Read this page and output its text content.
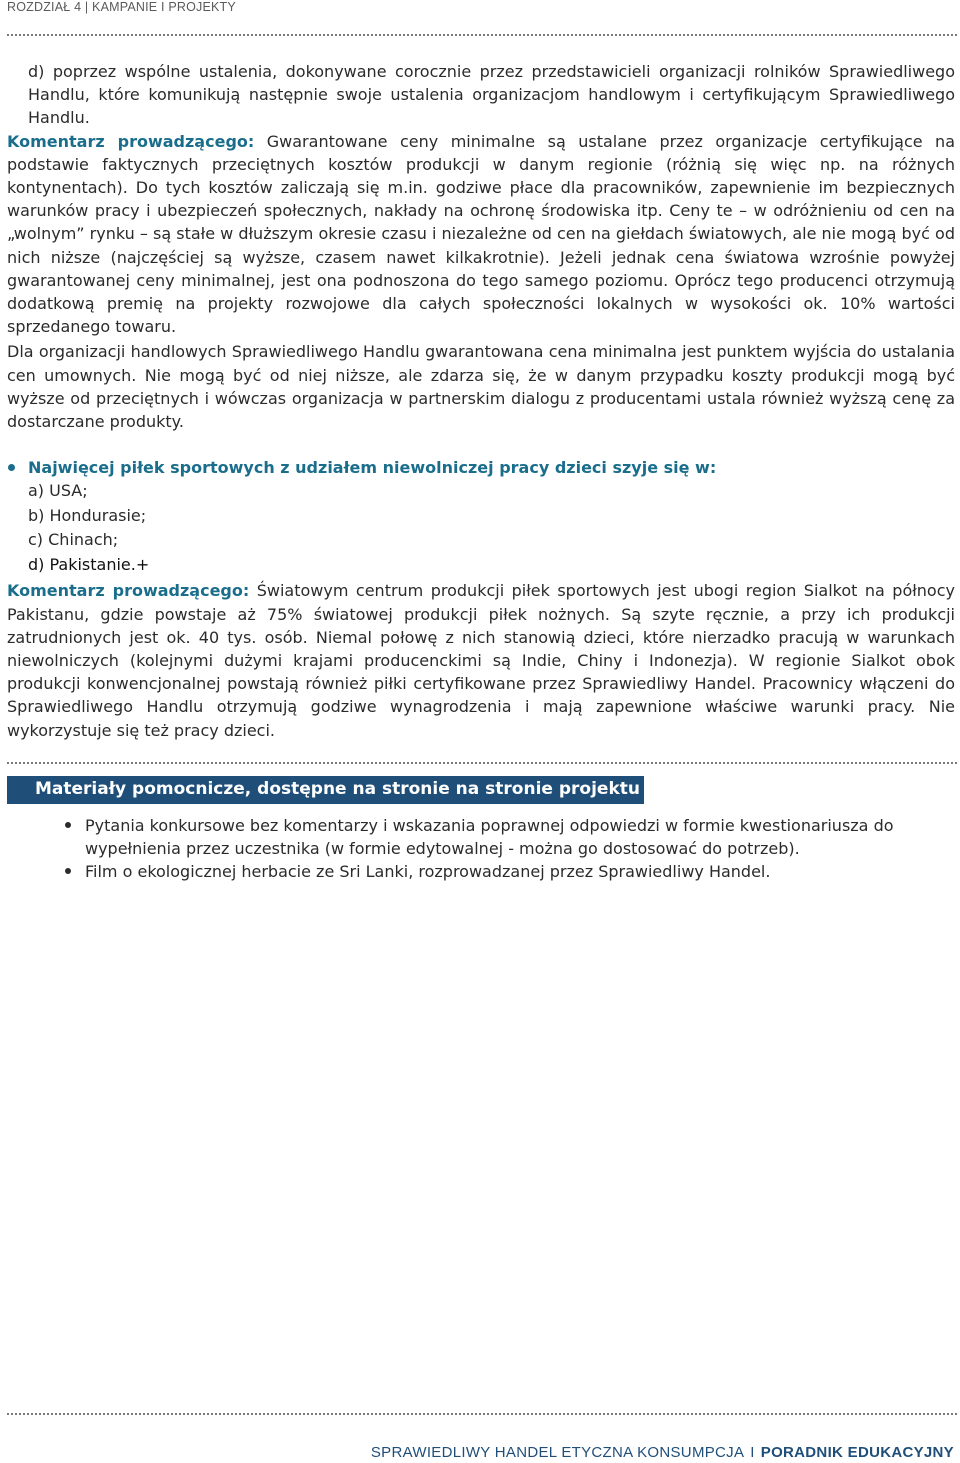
ROZDZIAŁ 4 | KAMPANIE I PROJEKTY

d) poprzez wspólne ustalenia, dokonywane corocznie przez przedstawicieli organizacji rolników Sprawiedliwego Handlu, które komunikują następnie swoje ustalenia organizacjom handlowym i certyfikującym Sprawiedliwego Handlu.

Komentarz prowadzącego: Gwarantowane ceny minimalne są ustalane przez organizacje certyfikujące na podstawie faktycznych przeciętnych kosztów produkcji w danym regionie (różnią się więc np. na różnych kontynentach). Do tych kosztów zaliczają się m.in. godziwe płace dla pracowników, zapewnienie im bezpiecznych warunków pracy i ubezpieczeń społecznych, nakłady na ochronę środowiska itp. Ceny te – w odróżnieniu od cen na „wolnym” rynku – są stałe w dłuższym okresie czasu i niezależne od cen na giełdach światowych, ale nie mogą być od nich niższe (najczęściej są wyższe, czasem nawet kilkakrotnie). Jeżeli jednak cena światowa wzrośnie powyżej gwarantowanej ceny minimalnej, jest ona podnoszona do tego samego poziomu. Oprócz tego producenci otrzymują dodatkową premię na projekty rozwojowe dla całych społeczności lokalnych w wysokości ok. 10% wartości sprzedanego towaru.

Dla organizacji handlowych Sprawiedliwego Handlu gwarantowana cena minimalna jest punktem wyjścia do ustalania cen umownych. Nie mogą być od niej niższe, ale zdarza się, że w danym przypadku koszty produkcji mogą być wyższe od przeciętnych i wówczas organizacja w partnerskim dialogu z producentami ustala również wyższą cenę za dostarczane produkty.

Najwięcej piłek sportowych z udziałem niewolniczej pracy dzieci szyje się w:
a) USA;
b) Hondurasie;
c) Chinach;
d) Pakistanie.+

Komentarz prowadzącego: Światowym centrum produkcji piłek sportowych jest ubogi region Sialkot na północy Pakistanu, gdzie powstaje aż 75% światowej produkcji piłek nożnych. Są szyte ręcznie, a przy ich produkcji zatrudnionych jest ok. 40 tys. osób. Niemal połowę z nich stanowią dzieci, które nierzadko pracują w warunkach niewolniczych (kolejnymi dużymi krajami producenckimi są Indie, Chiny i Indonezja). W regionie Sialkot obok produkcji konwencjonalnej powstają również piłki certyfikowane przez Sprawiedliwy Handel. Pracownicy włączeni do Sprawiedliwego Handlu otrzymują godziwe wynagrodzenia i mają zapewnione właściwe warunki pracy. Nie wykorzystuje się też pracy dzieci.

Materiały pomocnicze, dostępne na stronie na stronie projektu
Pytania konkursowe bez komentarzy i wskazania poprawnej odpowiedzi w formie kwestionariusza do wypełnienia przez uczestnika (w formie edytowalnej - można go dostosować do potrzeb).
Film o ekologicznej herbacie ze Sri Lanki, rozprowadzanej przez Sprawiedliwy Handel.
SPRAWIEDLIWY HANDEL ETYCZNA KONSUMPCJA I PORADNIK EDUKACYJNY
